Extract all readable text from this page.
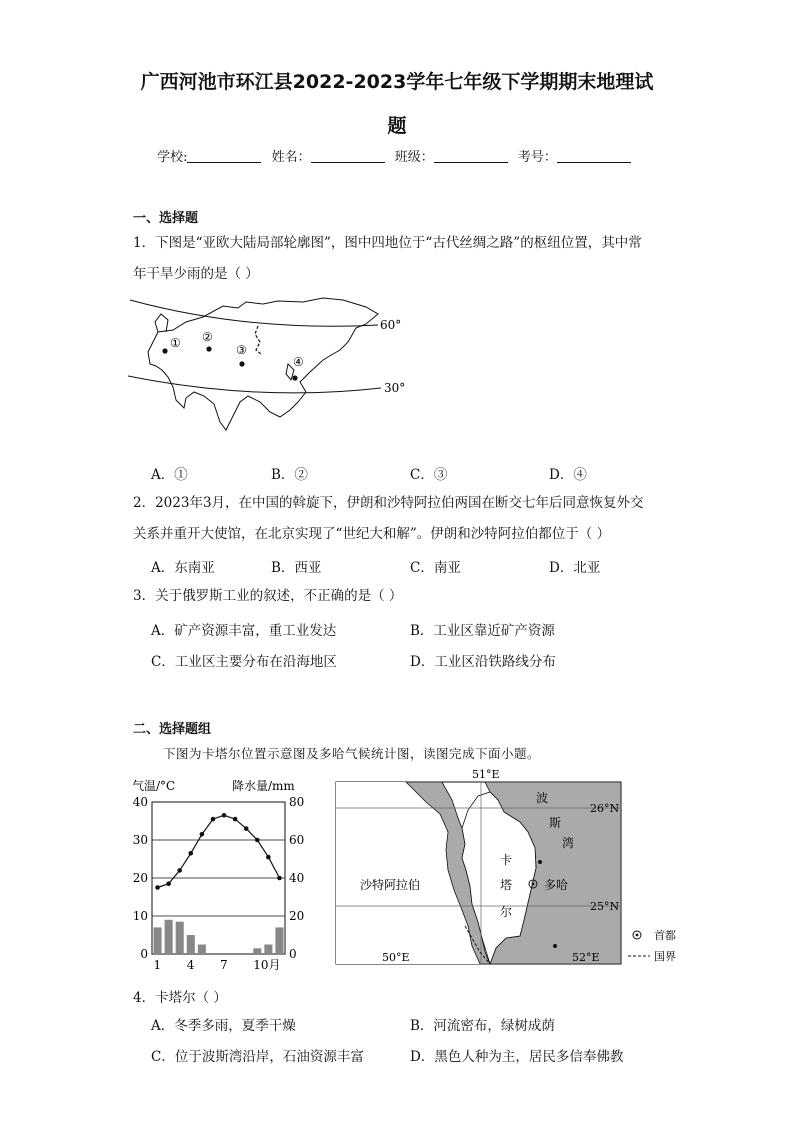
广西河池市环江县2022-2023学年七年级下学期期末地理试
题
学校:	姓名：	班级：	考号：
一、选择题
1．下图是“亚欧大陆局部轮廓图”，图中四地位于“古代丝绸之路”的枢纽位置，其中常
年干旱少雨的是（ ）
60°
30°
① ②
③
④
A．①	B．②	C．③	D．④
2．2023年3月，在中国的斡旋下，伊朗和沙特阿拉伯两国在断交七年后同意恢复外交
关系并重开大使馆，在北京实现了“世纪大和解”。伊朗和沙特阿拉伯都位于（ ）
A．东南亚	B．西亚	C．南亚	D．北亚
3．关于俄罗斯工业的叙述，不正确的是（ ）
A．矿产资源丰富，重工业发达	B．工业区靠近矿产资源
C．工业区主要分布在沿海地区	D．工业区沿铁路线分布
二、选择题组
下图为卡塔尔位置示意图及多哈气候统计图，读图完成下面小题。
气温/°C	降水量/mm
40	80
30	60
20	40
10	20
0	0
1 4 7 10月
51°E
50°E	52°E
26°N
25°N
波
斯
湾
卡
塔
尔
沙特阿拉伯	多哈
首都
国界
4．卡塔尔（ ）
A．冬季多雨，夏季干燥	B．河流密布，绿树成荫
C．位于波斯湾沿岸，石油资源丰富	D．黑色人种为主，居民多信奉佛教
